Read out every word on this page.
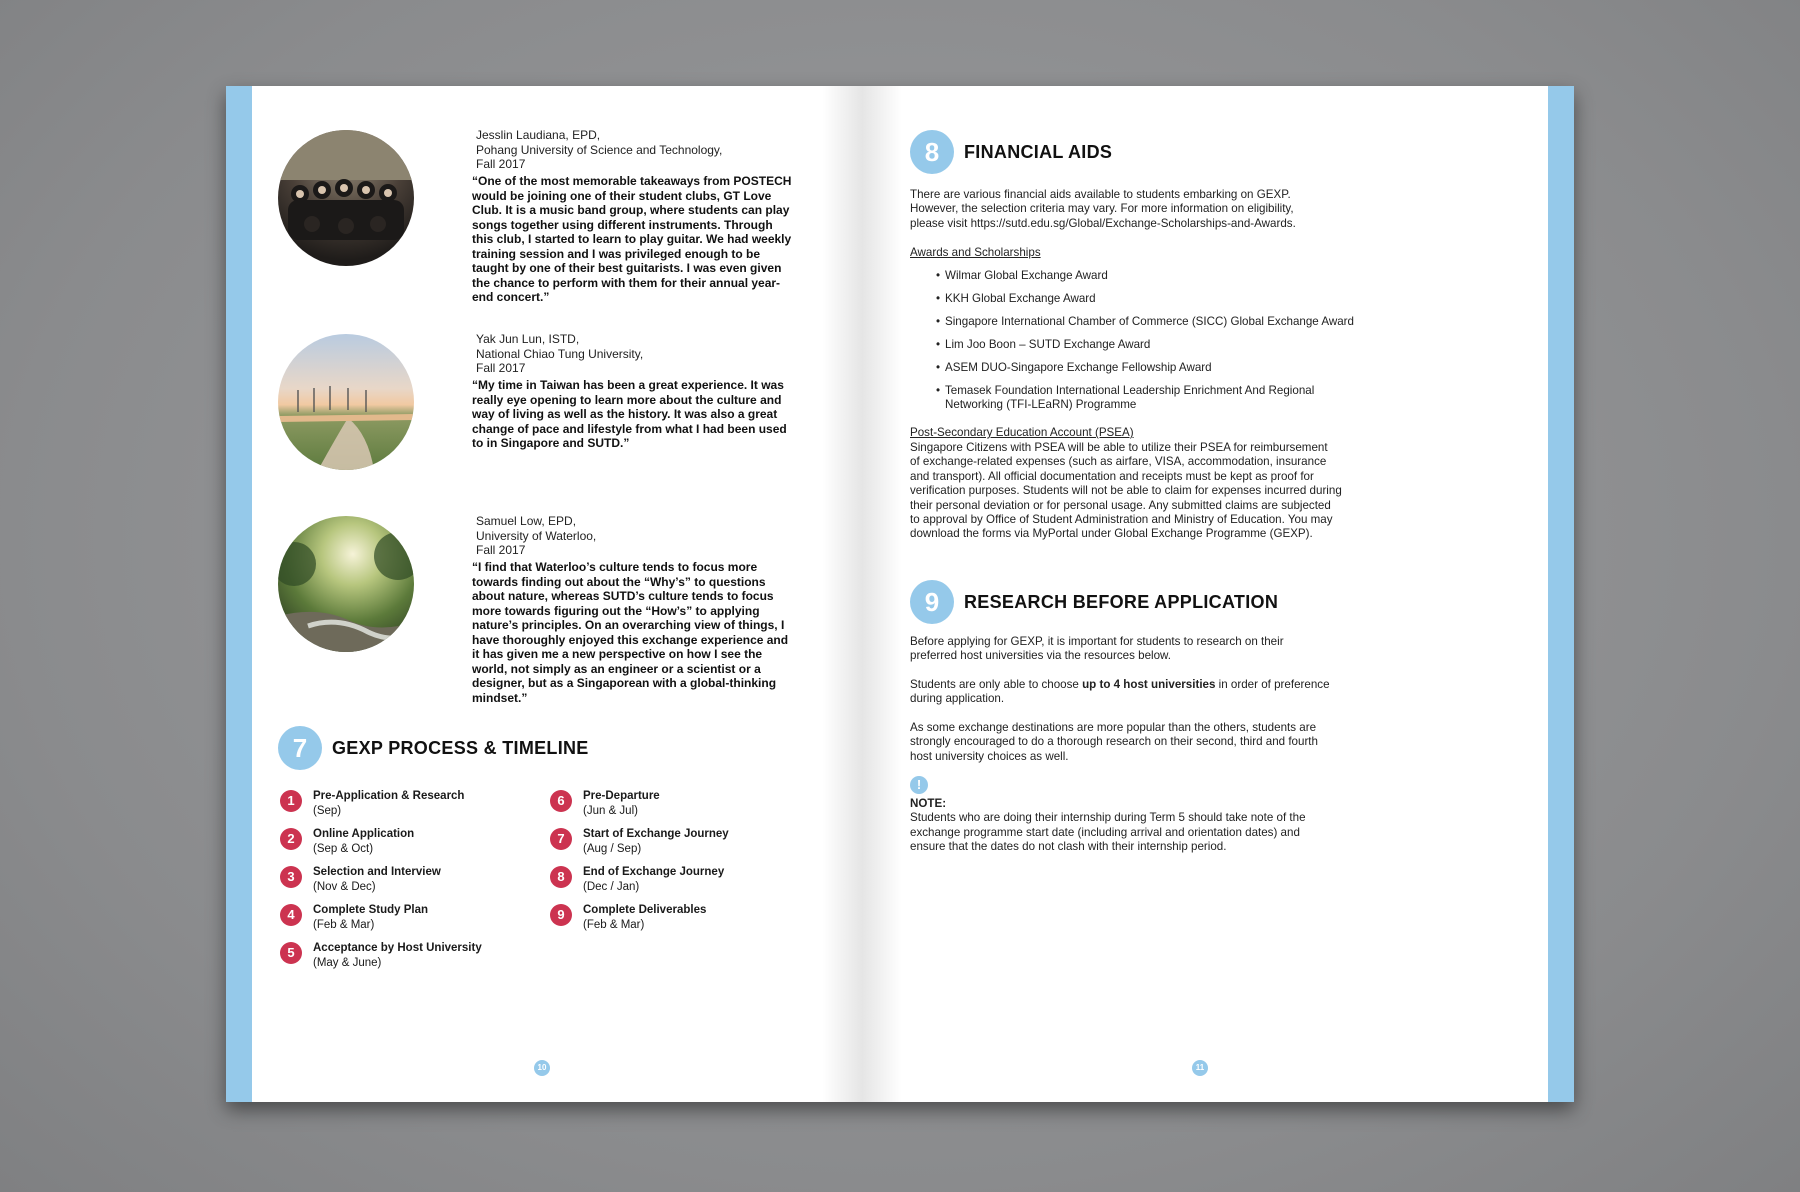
Jesslin Laudiana, EPD,
Pohang University of Science and Technology,
Fall 2017
“One of the most memorable takeaways from POSTECH would be joining one of their student clubs, GT Love Club. It is a music band group, where students can play songs together using different instruments. Through this club, I started to learn to play guitar. We had weekly training session and I was privileged enough to be taught by one of their best guitarists. I was even given the chance to perform with them for their annual year-end concert.”
Yak Jun Lun, ISTD,
National Chiao Tung University,
Fall 2017
“My time in Taiwan has been a great experience. It was really eye opening to learn more about the culture and way of living as well as the history. It was also a great change of pace and lifestyle from what I had been used to in Singapore and SUTD.”
Samuel Low, EPD,
University of Waterloo,
Fall 2017
“I find that Waterloo’s culture tends to focus more towards finding out about the “Why’s” to questions about nature, whereas SUTD’s culture tends to focus more towards figuring out the “How’s” to applying nature’s principles. On an overarching view of things, I have thoroughly enjoyed this exchange experience and it has given me a new perspective on how I see the world, not simply as an engineer or a scientist or a designer, but as a Singaporean with a global-thinking mindset.”
7	GEXP PROCESS & TIMELINE
1	Pre-Application & Research
(Sep)
2	Online Application
(Sep & Oct)
3	Selection and Interview
(Nov & Dec)
4	Complete Study Plan
(Feb & Mar)
5	Acceptance by Host University
(May & June)
6	Pre-Departure
(Jun & Jul)
7	Start of Exchange Journey
(Aug / Sep)
8	End of Exchange Journey
(Dec / Jan)
9	Complete Deliverables
(Feb & Mar)
10
8	FINANCIAL AIDS
There are various financial aids available to students embarking on GEXP.
However, the selection criteria may vary. For more information on eligibility,
please visit https://sutd.edu.sg/Global/Exchange-Scholarships-and-Awards.
Awards and Scholarships
• Wilmar Global Exchange Award
• KKH Global Exchange Award
• Singapore International Chamber of Commerce (SICC) Global Exchange Award
• Lim Joo Boon – SUTD Exchange Award
• ASEM DUO-Singapore Exchange Fellowship Award
• Temasek Foundation International Leadership Enrichment And Regional
Networking (TFI-LEaRN) Programme
Post-Secondary Education Account (PSEA)
Singapore Citizens with PSEA will be able to utilize their PSEA for reimbursement
of exchange-related expenses (such as airfare, VISA, accommodation, insurance
and transport). All official documentation and receipts must be kept as proof for
verification purposes. Students will not be able to claim for expenses incurred during
their personal deviation or for personal usage. Any submitted claims are subjected
to approval by Office of Student Administration and Ministry of Education. You may
download the forms via MyPortal under Global Exchange Programme (GEXP).
9	RESEARCH BEFORE APPLICATION
Before applying for GEXP, it is important for students to research on their
preferred host universities via the resources below.
Students are only able to choose up to 4 host universities in order of preference
during application.
As some exchange destinations are more popular than the others, students are
strongly encouraged to do a thorough research on their second, third and fourth
host university choices as well.
!
NOTE:
Students who are doing their internship during Term 5 should take note of the
exchange programme start date (including arrival and orientation dates) and
ensure that the dates do not clash with their internship period.
11
